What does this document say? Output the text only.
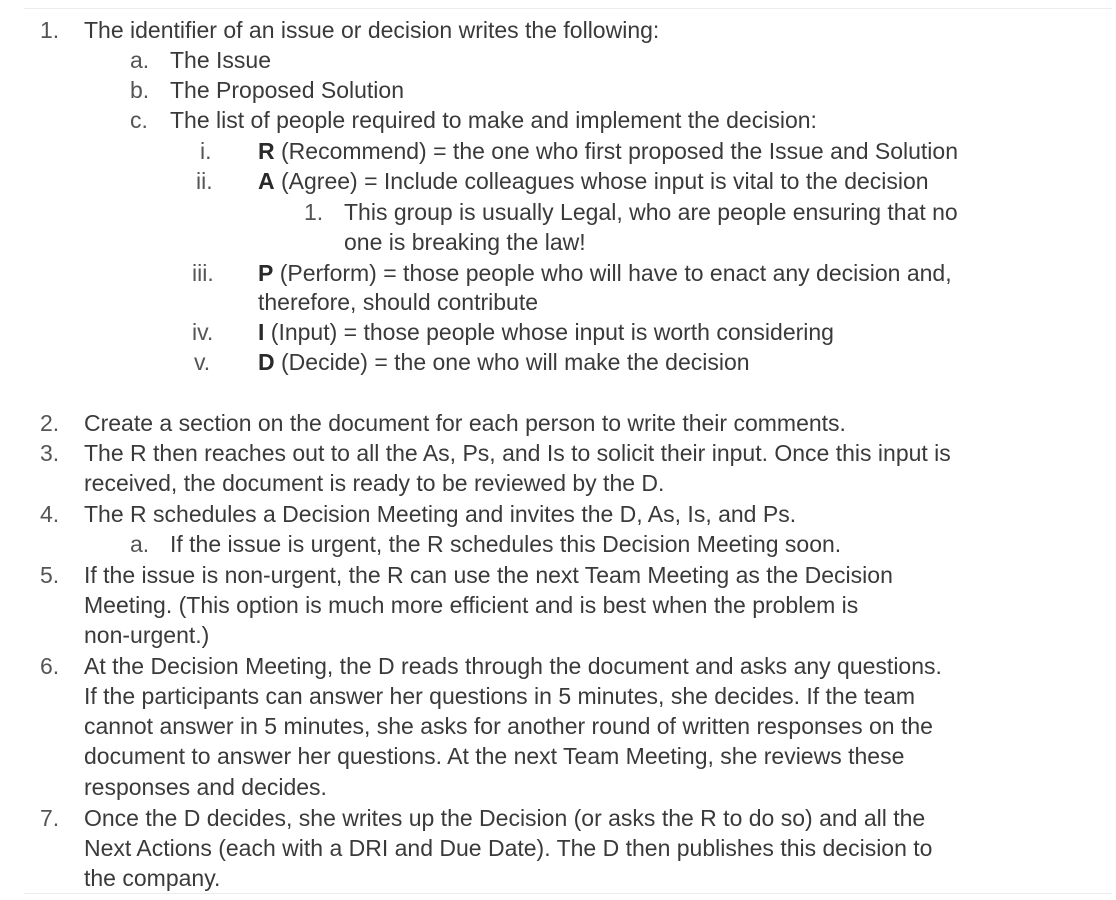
1. The identifier of an issue or decision writes the following:
a. The Issue
b. The Proposed Solution
c. The list of people required to make and implement the decision:
i. R (Recommend) = the one who first proposed the Issue and Solution
ii. A (Agree) = Include colleagues whose input is vital to the decision
1. This group is usually Legal, who are people ensuring that no
one is breaking the law!
iii. P (Perform) = those people who will have to enact any decision and,
therefore, should contribute
iv. I (Input) = those people whose input is worth considering
v. D (Decide) = the one who will make the decision
2. Create a section on the document for each person to write their comments.
3. The R then reaches out to all the As, Ps, and Is to solicit their input. Once this input is
received, the document is ready to be reviewed by the D.
4. The R schedules a Decision Meeting and invites the D, As, Is, and Ps.
a. If the issue is urgent, the R schedules this Decision Meeting soon.
5. If the issue is non-urgent, the R can use the next Team Meeting as the Decision
Meeting. (This option is much more efficient and is best when the problem is
non-urgent.)
6. At the Decision Meeting, the D reads through the document and asks any questions.
If the participants can answer her questions in 5 minutes, she decides. If the team
cannot answer in 5 minutes, she asks for another round of written responses on the
document to answer her questions. At the next Team Meeting, she reviews these
responses and decides.
7. Once the D decides, she writes up the Decision (or asks the R to do so) and all the
Next Actions (each with a DRI and Due Date). The D then publishes this decision to
the company.
